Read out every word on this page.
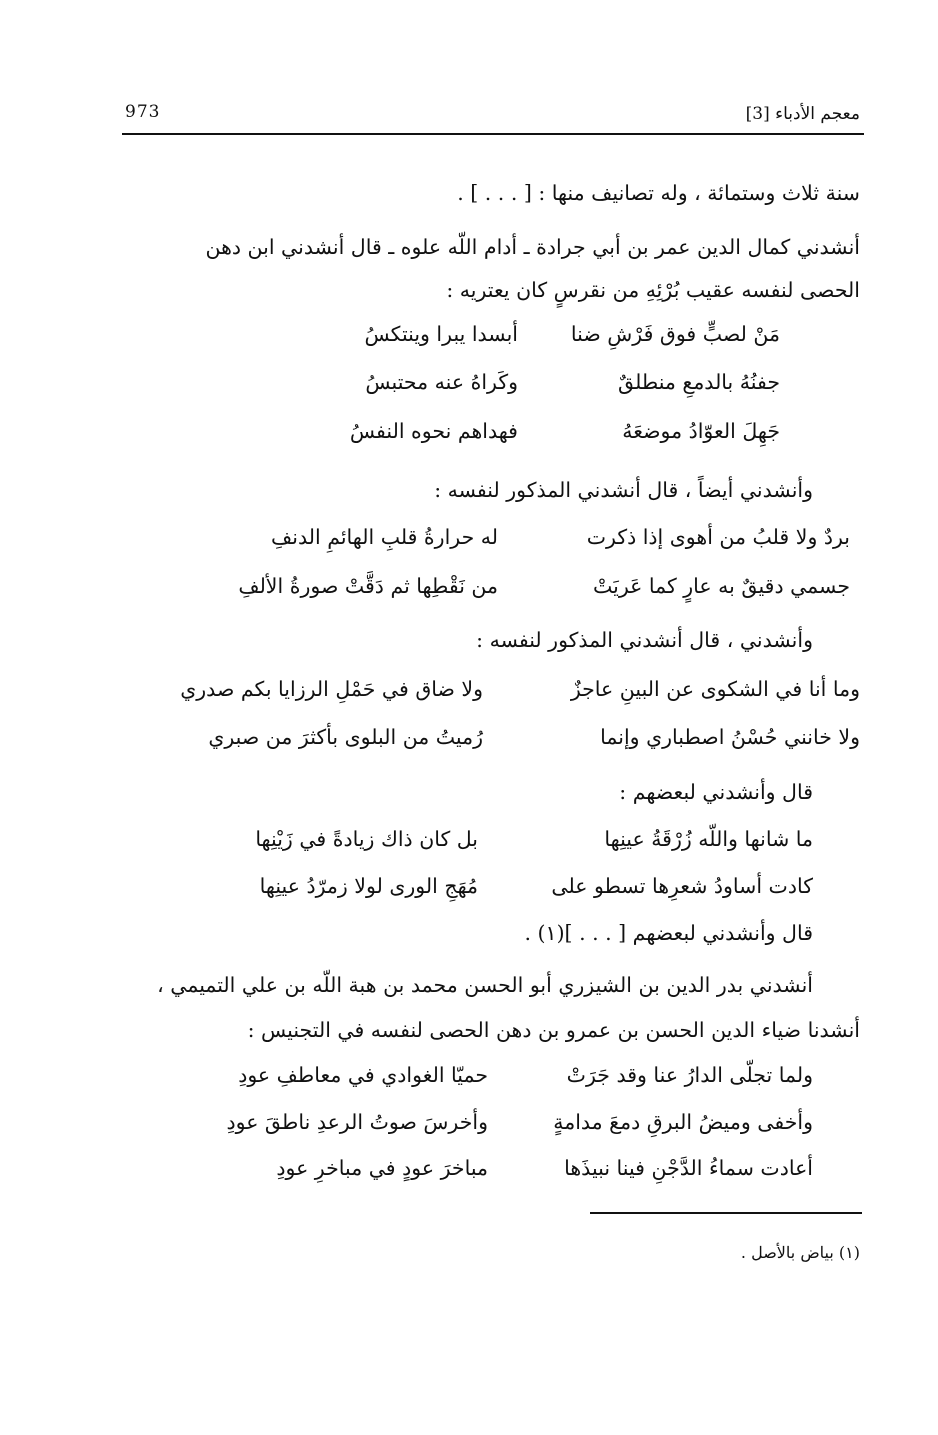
معجم الأدباء [3]
973
سنة ثلاث وستمائة ، وله تصانيف منها : [ . . . ] .
أنشدني كمال الدين عمر بن أبي جرادة ـ أدام اللّه علوه ـ قال أنشدني ابن دهن
الحصى لنفسه عقيب بُرْئِهِ من نقرسٍ كان يعتريه :
مَنْ لصبٍّ فوق فَرْشِ ضنا
أبسدا يبرا وينتكسُ
جفنُهُ بالدمعِ منطلقٌ
وكَراهُ عنه محتبسُ
جَهِلَ العوّادُ موضعَهُ
فهداهم نحوه النفسُ
وأنشدني أيضاً ، قال أنشدني المذكور لنفسه :
بردٌ ولا قلبُ من أهوى إذا ذكرت
له حرارةُ قلبِ الهائمِ الدنفِ
جسمي دقيقٌ به عارٍ كما عَريَتْ
من نَقْطِها ثم دَقَّتْ صورةُ الألفِ
وأنشدني ، قال أنشدني المذكور لنفسه :
وما أنا في الشكوى عن البينِ عاجزٌ
ولا ضاق في حَمْلِ الرزايا بكم صدري
ولا خانني حُسْنُ اصطباري وإنما
رُميتُ من البلوى بأكثرَ من صبري
قال وأنشدني لبعضهم :
ما شانها واللّه زُرْقَةُ عينِها
بل كان ذاك زيادةً في زَيْنِها
كادت أساودُ شعرِها تسطو على
مُهَجِ الورى لولا زمرّدُ عينِها
قال وأنشدني لبعضهم [ . . . ](١) .
أنشدني بدر الدين بن الشيزري أبو الحسن محمد بن هبة اللّه بن علي التميمي ،
أنشدنا ضياء الدين الحسن بن عمرو بن دهن الحصى لنفسه في التجنيس :
ولما تجلّى الدارُ عنا وقد جَرَتْ
حميّا الغوادي في معاطفِ عودِ
وأخفى وميضُ البرقِ دمعَ مدامةٍ
وأخرسَ صوتُ الرعدِ ناطقَ عودِ
أعادت سماءُ الدَّجْنِ فينا نبيذَها
مباخرَ عودٍ في مباخرِ عودِ
(١) بياض بالأصل .
